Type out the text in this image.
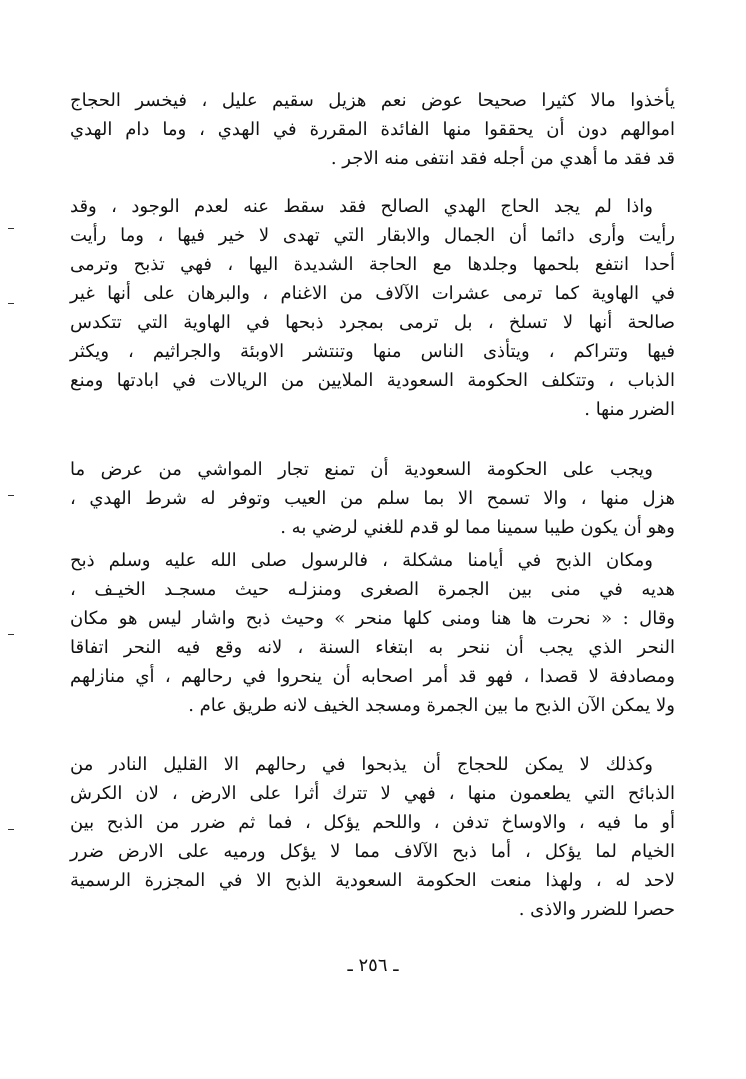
يأخذوا مالا كثيرا صحيحا عوض نعم هزيل سقيم عليل ، فيخسر الحجاج
اموالهم دون أن يحققوا منها الفائدة المقررة في الهدي ، وما دام الهدي
قد فقد ما أهدي من أجله فقد انتفى منه الاجر .
واذا لم يجد الحاج الهدي الصالح فقد سقط عنه لعدم الوجود ، وقد
رأيت وأرى دائما أن الجمال والابقار التي تهدى لا خير فيها ، وما رأيت
أحدا انتفع بلحمها وجلدها مع الحاجة الشديدة اليها ، فهي تذبح وترمى
في الهاوية كما ترمى عشرات الآلاف من الاغنام ، والبرهان على أنها غير
صالحة أنها لا تسلخ ، بل ترمى بمجرد ذبحها في الهاوية التي تتكدس
فيها وتتراكم ، ويتأذى الناس منها وتنتشر الاوبئة والجراثيم ، ويكثر
الذباب ، وتتكلف الحكومة السعودية الملايين من الريالات في ابادتها ومنع
الضرر منها .
ويجب على الحكومة السعودية أن تمنع تجار المواشي من عرض ما
هزل منها ، والا تسمح الا بما سلم من العيب وتوفر له شرط الهدي ،
وهو أن يكون طيبا سمينا مما لو قدم للغني لرضي به .
ومكان الذبح في أيامنا مشكلة ، فالرسول صلى الله عليه وسلم ذبح
هديه في منى بين الجمرة الصغرى ومنزلـه حيث مسجـد الخيـف ،
وقال : « نحرت ها هنا ومنى كلها منحر » وحيث ذبح واشار ليس هو مكان
النحر الذي يجب أن ننحر به ابتغاء السنة ، لانه وقع فيه النحر اتفاقا
ومصادفة لا قصدا ، فهو قد أمر اصحابه أن ينحروا في رحالهم ، أي منازلهم
ولا يمكن الآن الذبح ما بين الجمرة ومسجد الخيف لانه طريق عام .
وكذلك لا يمكن للحجاج أن يذبحوا في رحالهم الا القليل النادر من
الذبائح التي يطعمون منها ، فهي لا تترك أثرا على الارض ، لان الكرش
أو ما فيه ، والاوساخ تدفن ، واللحم يؤكل ، فما ثم ضرر من الذبح بين
الخيام لما يؤكل ، أما ذبح الآلاف مما لا يؤكل ورميه على الارض ضرر
لاحد له ، ولهذا منعت الحكومة السعودية الذبح الا في المجزرة الرسمية
حصرا للضرر والاذى .
ـ ٢٥٦ ـ
